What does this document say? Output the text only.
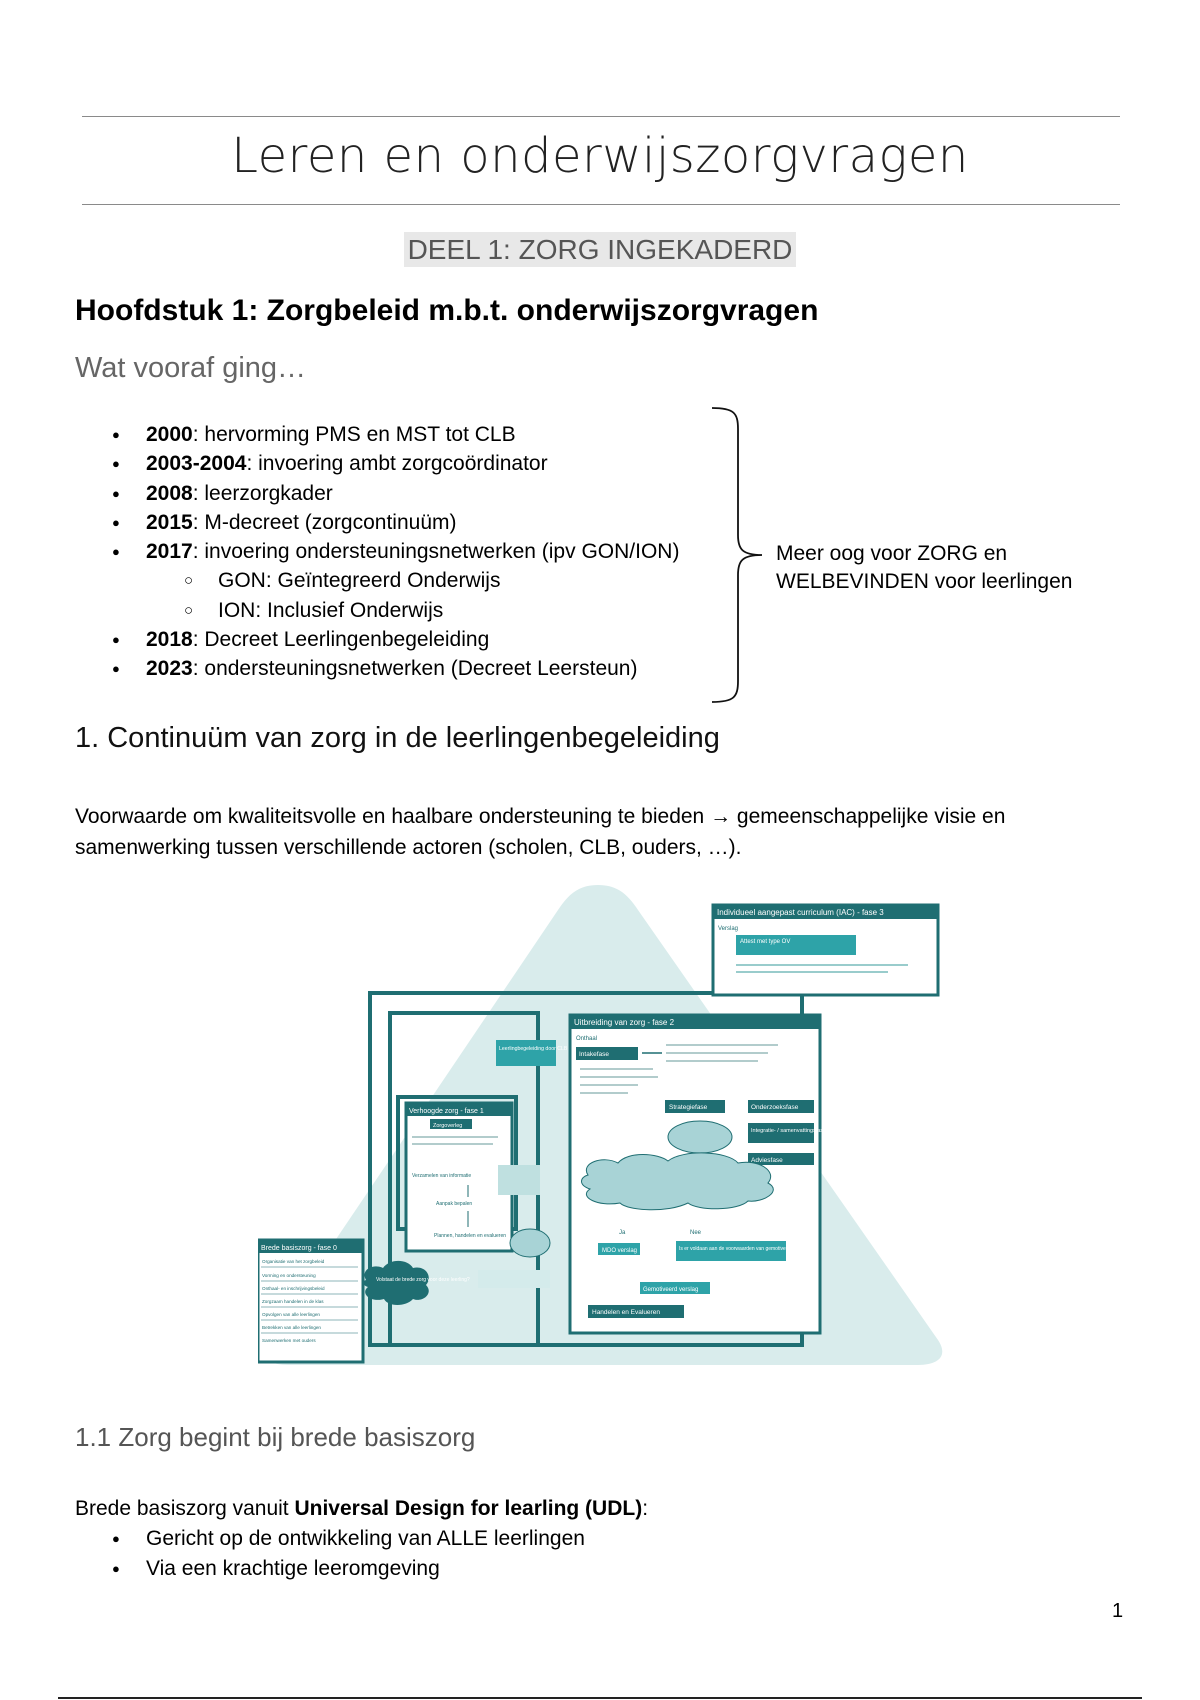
Leren en onderwijszorgvragen
DEEL 1: ZORG INGEKADERD
Hoofdstuk 1: Zorgbeleid m.b.t. onderwijszorgvragen
Wat vooraf ging…
● 2000: hervorming PMS en MST tot CLB
● 2003-2004: invoering ambt zorgcoördinator
● 2008: leerzorgkader
● 2015: M-decreet (zorgcontinuüm)
● 2017: invoering ondersteuningsnetwerken (ipv GON/ION)
○ GON: Geïntegreerd Onderwijs
○ ION: Inclusief Onderwijs
● 2018: Decreet Leerlingenbegeleiding
● 2023: ondersteuningsnetwerken (Decreet Leersteun)
Meer oog voor ZORG en
WELBEVINDEN voor leerlingen
1. Continuüm van zorg in de leerlingenbegeleiding
Voorwaarde om kwaliteitsvolle en haalbare ondersteuning te bieden → gemeenschappelijke visie en samenwerking tussen verschillende actoren (scholen, CLB, ouders, …).
Individueel aangepast curriculum (IAC) - fase 3
Verslag
Attest met type OV
Uitbreiding van zorg - fase 2
Onthaal
Intakefase
Strategiefase	Onderzoeksfase
Integratie- / samenvattingsfase
Adviesfase
MDO verslag	Is er voldaan aan de voorwaarden van gemotiveerd verslag?
Gemotiveerd verslag
Handelen en Evalueren
Ja	Nee
Leerlingbegeleiding door CLB
Verhoogde zorg - fase 1
Zorgoverleg
Verzamelen van informatie
Aanpak bepalen
Plannen, handelen en evalueren
Brede basiszorg - fase 0
Organisatie van het zorgbeleid
Vorming en ondersteuning
Onthaal- en inschrijvingsbeleid
Zorgzaam handelen in de klas
Opvolgen van alle leerlingen
Betrekken van alle leerlingen
Samenwerken met ouders
Volstaat de brede zorg voor deze leerling?
1.1 Zorg begint bij brede basiszorg
Brede basiszorg vanuit Universal Design for learling (UDL):
● Gericht op de ontwikkeling van ALLE leerlingen
● Via een krachtige leeromgeving
1
